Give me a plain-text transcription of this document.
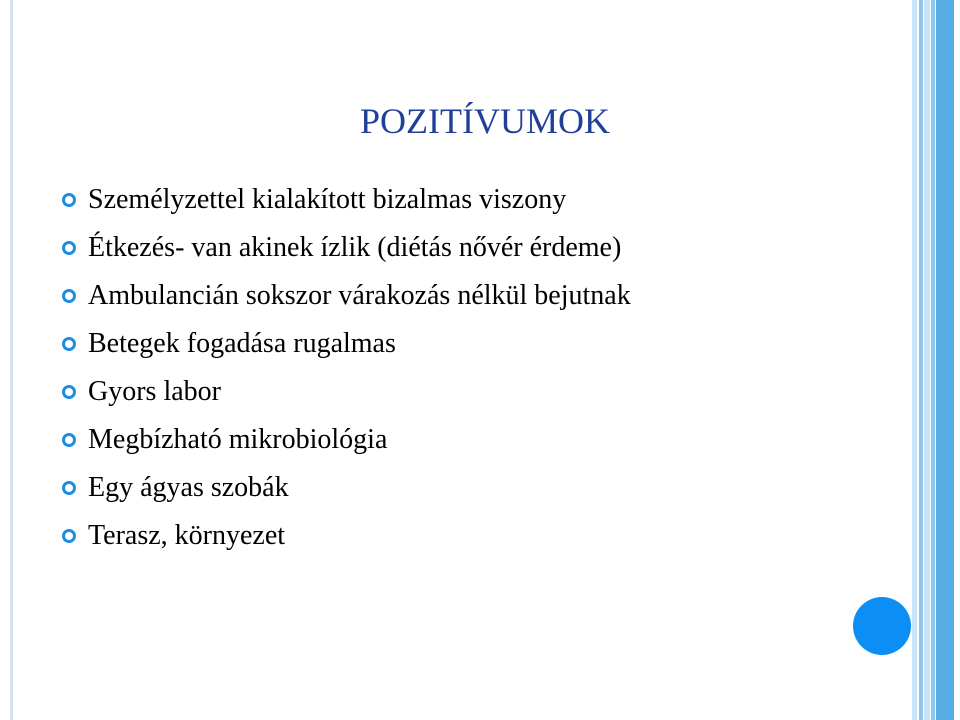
POZITÍVUMOK
Személyzettel kialakított bizalmas viszony
Étkezés- van akinek ízlik (diétás nővér érdeme)
Ambulancián sokszor várakozás nélkül bejutnak
Betegek fogadása rugalmas
Gyors labor
Megbízható mikrobiológia
Egy ágyas szobák
Terasz, környezet
